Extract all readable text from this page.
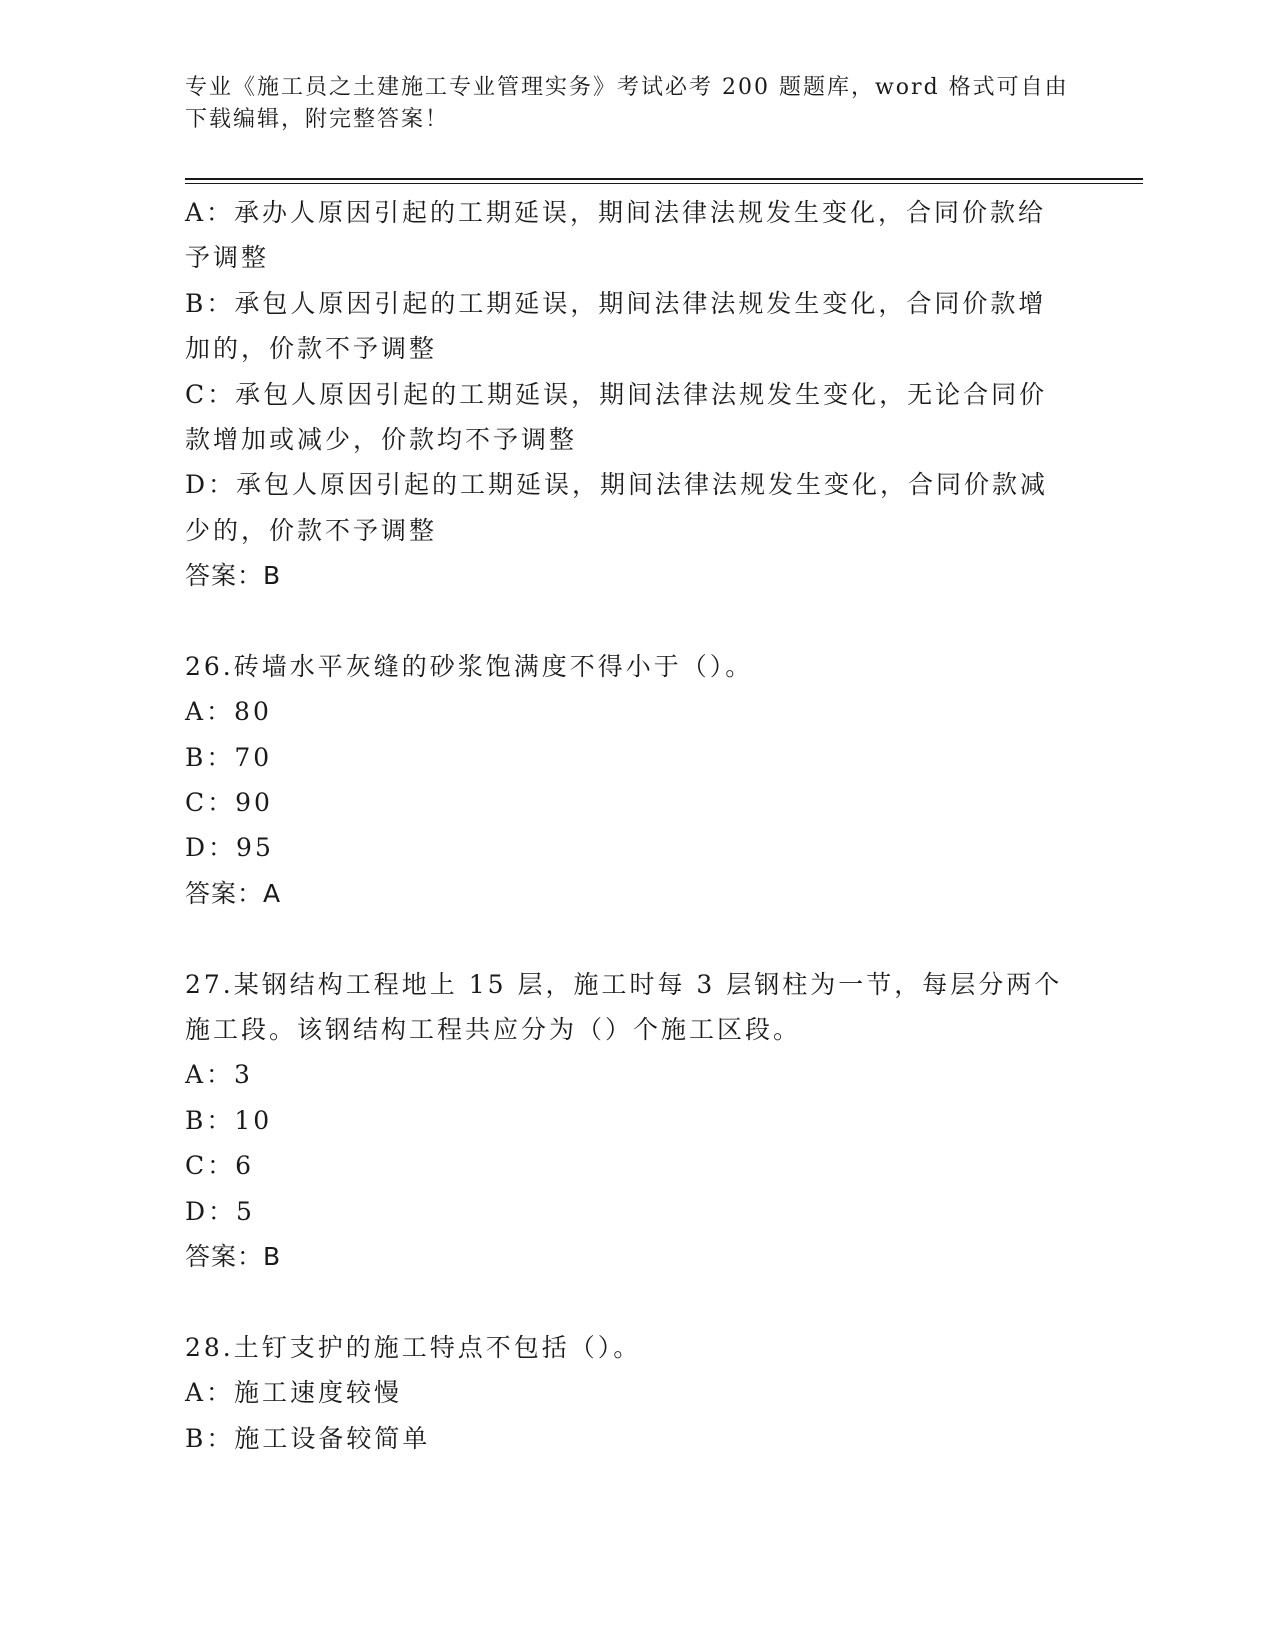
专业《施工员之土建施工专业管理实务》考试必考 200 题题库，word 格式可自由
下载编辑，附完整答案！
A：承办人原因引起的工期延误，期间法律法规发生变化，合同价款给
予调整
B：承包人原因引起的工期延误，期间法律法规发生变化，合同价款增
加的，价款不予调整
C：承包人原因引起的工期延误，期间法律法规发生变化，无论合同价
款增加或减少，价款均不予调整
D：承包人原因引起的工期延误，期间法律法规发生变化，合同价款减
少的，价款不予调整
答案：B
26.砖墙水平灰缝的砂浆饱满度不得小于（）。
A：80
B：70
C：90
D：95
答案：A
27.某钢结构工程地上 15 层，施工时每 3 层钢柱为一节，每层分两个
施工段。该钢结构工程共应分为（）个施工区段。
A：3
B：10
C：6
D：5
答案：B
28.土钉支护的施工特点不包括（）。
A：施工速度较慢
B：施工设备较简单
